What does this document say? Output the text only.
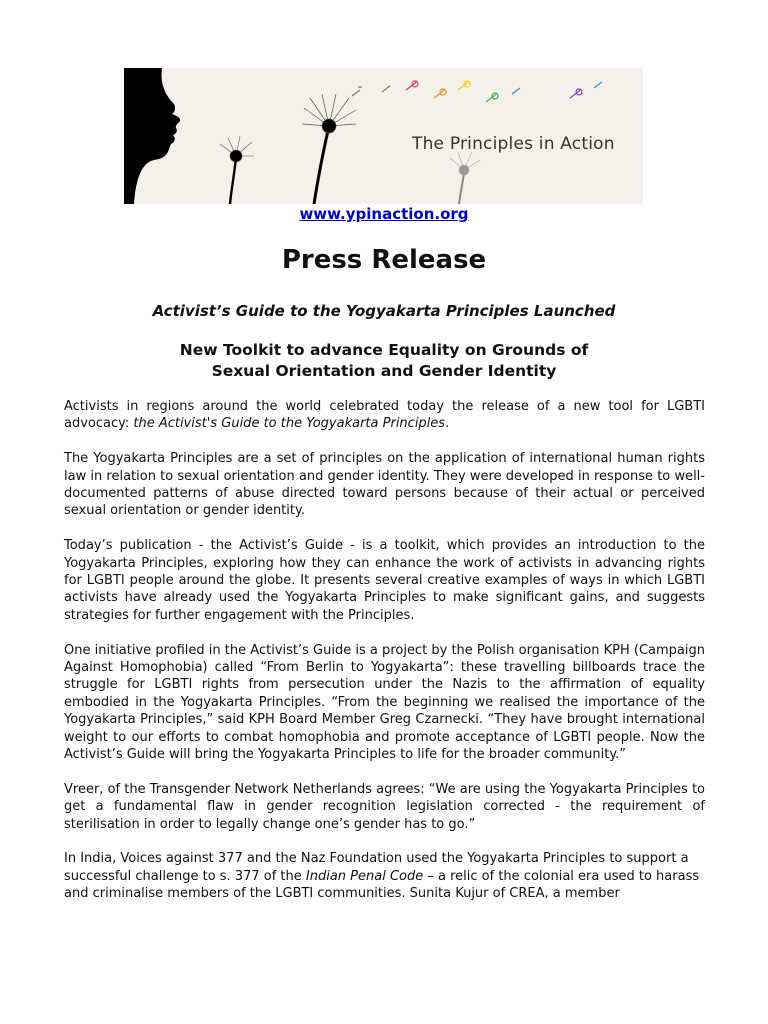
The Principles in Action
www.ypinaction.org
Press Release
Activist’s Guide to the Yogyakarta Principles Launched
New Toolkit to advance Equality on Grounds of
Sexual Orientation and Gender Identity

Activists in regions around the world celebrated today the release of a new tool for LGBTI advocacy: the Activist's Guide to the Yogyakarta Principles.

The Yogyakarta Principles are a set of principles on the application of international human rights law in relation to sexual orientation and gender identity. They were developed in response to well-documented patterns of abuse directed toward persons because of their actual or perceived sexual orientation or gender identity.

Today’s publication - the Activist’s Guide - is a toolkit, which provides an introduction to the Yogyakarta Principles, exploring how they can enhance the work of activists in advancing rights for LGBTI people around the globe. It presents several creative examples of ways in which LGBTI activists have already used the Yogyakarta Principles to make significant gains, and suggests strategies for further engagement with the Principles.

One initiative profiled in the Activist’s Guide is a project by the Polish organisation KPH (Campaign Against Homophobia) called “From Berlin to Yogyakarta”: these travelling billboards trace the struggle for LGBTI rights from persecution under the Nazis to the affirmation of equality embodied in the Yogyakarta Principles. “From the beginning we realised the importance of the Yogyakarta Principles,” said KPH Board Member Greg Czarnecki. “They have brought international weight to our efforts to combat homophobia and promote acceptance of LGBTI people. Now the Activist’s Guide will bring the Yogyakarta Principles to life for the broader community.”

Vreer, of the Transgender Network Netherlands agrees: “We are using the Yogyakarta Principles to get a fundamental flaw in gender recognition legislation corrected - the requirement of sterilisation in order to legally change one’s gender has to go.”

In India, Voices against 377 and the Naz Foundation used the Yogyakarta Principles to support a successful challenge to s. 377 of the Indian Penal Code – a relic of the colonial era used to harass and criminalise members of the LGBTI communities. Sunita Kujur of CREA, a member
